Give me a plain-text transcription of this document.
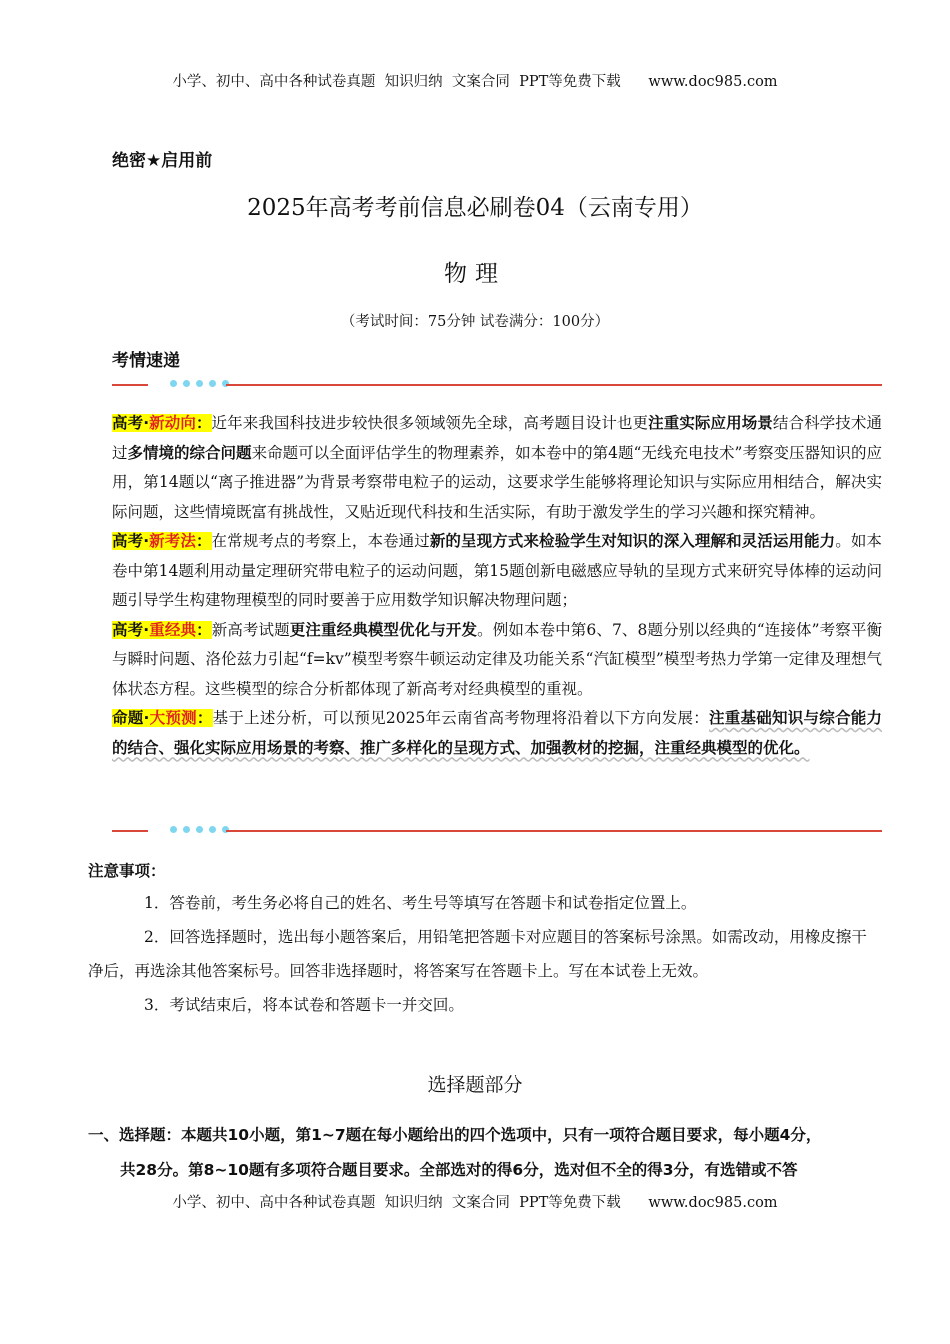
小学、初中、高中各种试卷真题  知识归纳  文案合同  PPT等免费下载      www.doc985.com
绝密★启用前
2025年高考考前信息必刷卷04（云南专用）
物理
（考试时间：75分钟 试卷满分：100分）
考情速递

高考·新动向：近年来我国科技进步较快很多领域领先全球，高考题目设计也更注重实际应用场景结合科学技术通过多情境的综合问题来命题可以全面评估学生的物理素养，如本卷中的第4题“无线充电技术”考察变压器知识的应用，第14题以“离子推进器”为背景考察带电粒子的运动，这要求学生能够将理论知识与实际应用相结合，解决实际问题，这些情境既富有挑战性，又贴近现代科技和生活实际，有助于激发学生的学习兴趣和探究精神。

高考·新考法：在常规考点的考察上，本卷通过新的呈现方式来检验学生对知识的深入理解和灵活运用能力。如本卷中第14题利用动量定理研究带电粒子的运动问题，第15题创新电磁感应导轨的呈现方式来研究导体棒的运动问题引导学生构建物理模型的同时要善于应用数学知识解决物理问题；

高考·重经典：新高考试题更注重经典模型优化与开发。例如本卷中第6、7、8题分别以经典的“连接体”考察平衡与瞬时问题、洛伦兹力引起“f=kv”模型考察牛顿运动定律及功能关系“汽缸模型”模型考热力学第一定律及理想气体状态方程。这些模型的综合分析都体现了新高考对经典模型的重视。

命题·大预测：基于上述分析，可以预见2025年云南省高考物理将沿着以下方向发展：注重基础知识与综合能力的结合、强化实际应用场景的考察、推广多样化的呈现方式、加强教材的挖掘，注重经典模型的优化。

注意事项：

1．答卷前，考生务必将自己的姓名、考生号等填写在答题卡和试卷指定位置上。

2．回答选择题时，选出每小题答案后，用铅笔把答题卡对应题目的答案标号涂黑。如需改动，用橡皮擦干净后，再选涂其他答案标号。回答非选择题时，将答案写在答题卡上。写在本试卷上无效。

3．考试结束后，将本试卷和答题卡一并交回。

选择题部分

一、选择题：本题共10小题，第1~7题在每小题给出的四个选项中，只有一项符合题目要求，每小题4分，

共28分。第8~10题有多项符合题目要求。全部选对的得6分，选对但不全的得3分，有选错或不答

小学、初中、高中各种试卷真题  知识归纳  文案合同  PPT等免费下载      www.doc985.com
